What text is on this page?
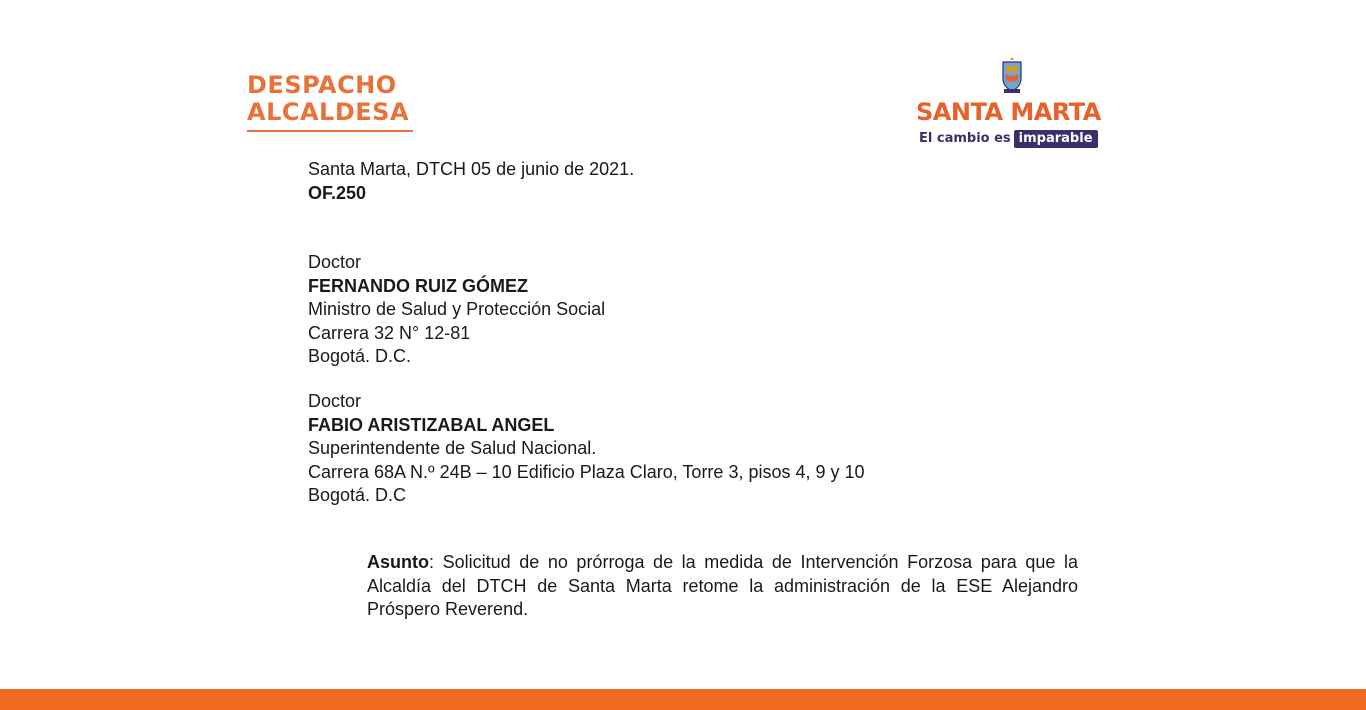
DESPACHO
ALCALDESA	SANTA MARTA
El cambio es imparable
Santa Marta, DTCH 05 de junio de 2021.
OF.250
Doctor
FERNANDO RUIZ GÓMEZ
Ministro de Salud y Protección Social
Carrera 32 N° 12-81
Bogotá. D.C.
Doctor
FABIO ARISTIZABAL ANGEL
Superintendente de Salud Nacional.
Carrera 68A N.º 24B – 10 Edificio Plaza Claro, Torre 3, pisos 4, 9 y 10
Bogotá. D.C
Asunto: Solicitud de no prórroga de la medida de Intervención Forzosa para que la Alcaldía del DTCH de Santa Marta retome la administración de la ESE Alejandro Próspero Reverend.
